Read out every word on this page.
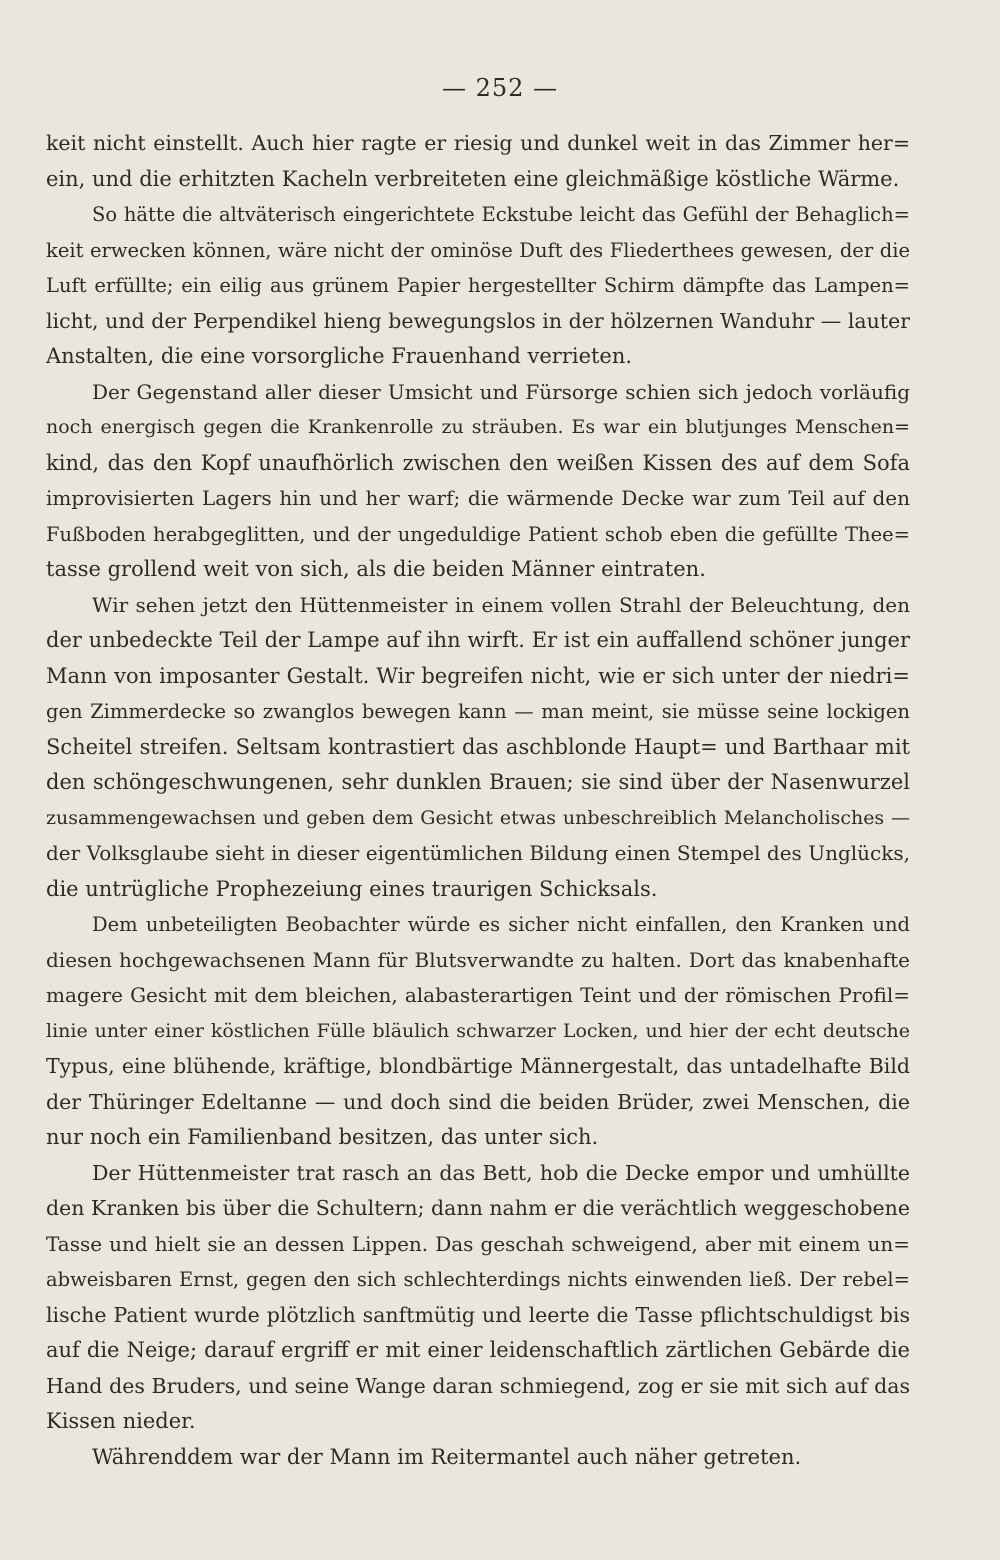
— 252 —
keit nicht einstellt. Auch hier ragte er riesig und dunkel weit in das Zimmer her=
ein, und die erhitzten Kacheln verbreiteten eine gleichmäßige köstliche Wärme.
So hätte die altväterisch eingerichtete Eckstube leicht das Gefühl der Behaglich=
keit erwecken können, wäre nicht der ominöse Duft des Fliederthees gewesen, der die
Luft erfüllte; ein eilig aus grünem Papier hergestellter Schirm dämpfte das Lampen=
licht, und der Perpendikel hieng bewegungslos in der hölzernen Wanduhr — lauter
Anstalten, die eine vorsorgliche Frauenhand verrieten.
Der Gegenstand aller dieser Umsicht und Fürsorge schien sich jedoch vorläufig
noch energisch gegen die Krankenrolle zu sträuben. Es war ein blutjunges Menschen=
kind, das den Kopf unaufhörlich zwischen den weißen Kissen des auf dem Sofa
improvisierten Lagers hin und her warf; die wärmende Decke war zum Teil auf den
Fußboden herabgeglitten, und der ungeduldige Patient schob eben die gefüllte Thee=
tasse grollend weit von sich, als die beiden Männer eintraten.
Wir sehen jetzt den Hüttenmeister in einem vollen Strahl der Beleuchtung, den
der unbedeckte Teil der Lampe auf ihn wirft. Er ist ein auffallend schöner junger
Mann von imposanter Gestalt. Wir begreifen nicht, wie er sich unter der niedri=
gen Zimmerdecke so zwanglos bewegen kann — man meint, sie müsse seine lockigen
Scheitel streifen. Seltsam kontrastiert das aschblonde Haupt= und Barthaar mit
den schöngeschwungenen, sehr dunklen Brauen; sie sind über der Nasenwurzel
zusammengewachsen und geben dem Gesicht etwas unbeschreiblich Melancholisches —
der Volksglaube sieht in dieser eigentümlichen Bildung einen Stempel des Unglücks,
die untrügliche Prophezeiung eines traurigen Schicksals.
Dem unbeteiligten Beobachter würde es sicher nicht einfallen, den Kranken und
diesen hochgewachsenen Mann für Blutsverwandte zu halten. Dort das knabenhafte
magere Gesicht mit dem bleichen, alabasterartigen Teint und der römischen Profil=
linie unter einer köstlichen Fülle bläulich schwarzer Locken, und hier der echt deutsche
Typus, eine blühende, kräftige, blondbärtige Männergestalt, das untadelhafte Bild
der Thüringer Edeltanne — und doch sind die beiden Brüder, zwei Menschen, die
nur noch ein Familienband besitzen, das unter sich.
Der Hüttenmeister trat rasch an das Bett, hob die Decke empor und umhüllte
den Kranken bis über die Schultern; dann nahm er die verächtlich weggeschobene
Tasse und hielt sie an dessen Lippen. Das geschah schweigend, aber mit einem un=
abweisbaren Ernst, gegen den sich schlechterdings nichts einwenden ließ. Der rebel=
lische Patient wurde plötzlich sanftmütig und leerte die Tasse pflichtschuldigst bis
auf die Neige; darauf ergriff er mit einer leidenschaftlich zärtlichen Gebärde die
Hand des Bruders, und seine Wange daran schmiegend, zog er sie mit sich auf das
Kissen nieder.
Währenddem war der Mann im Reitermantel auch näher getreten.
